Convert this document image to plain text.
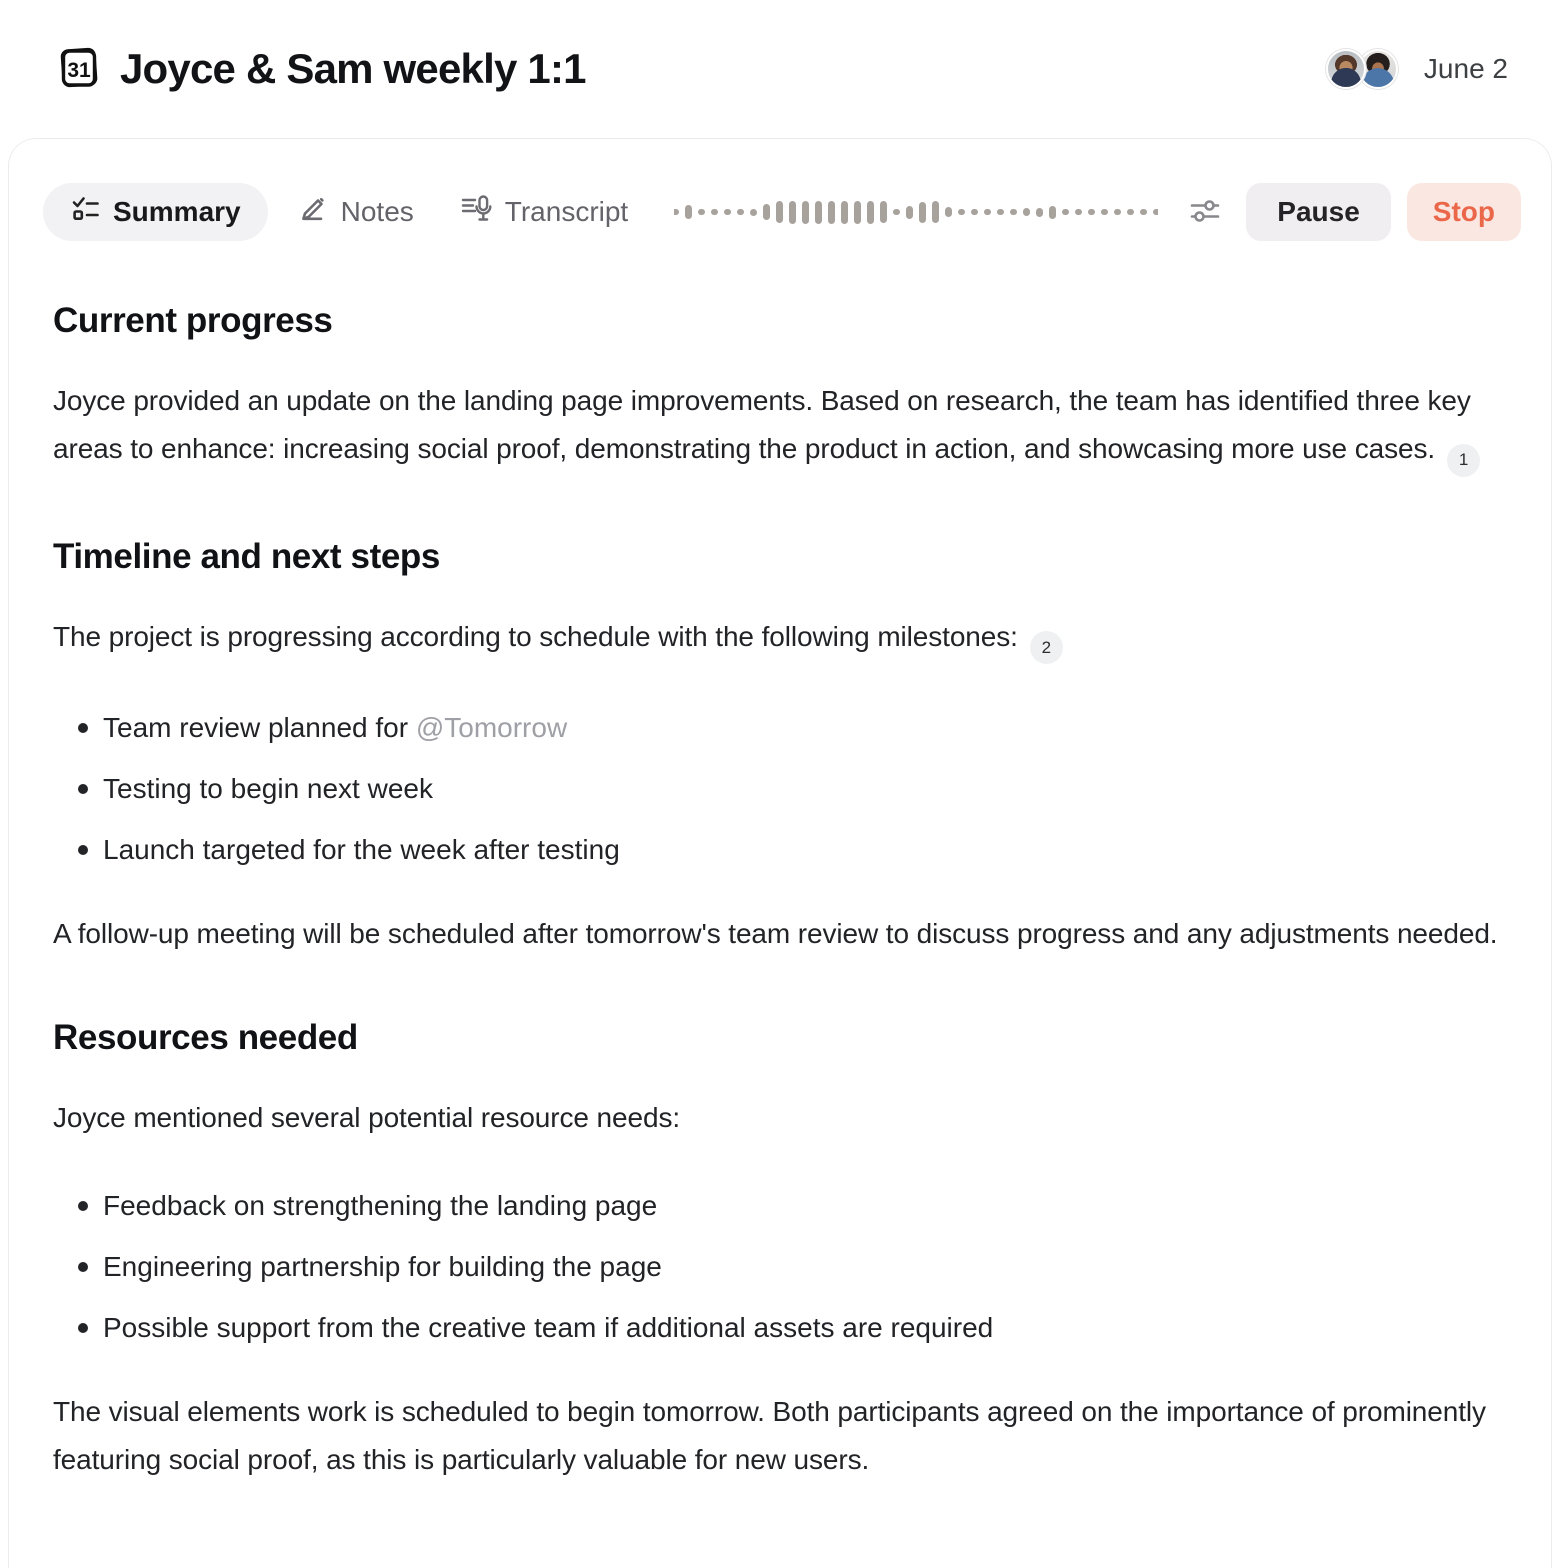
31 Joyce & Sam weekly 1:1	June 2
Summary	Notes	Transcript	Pause	Stop
Current progress

Joyce provided an update on the landing page improvements. Based on research, the team has identified three key areas to enhance: increasing social proof, demonstrating the product in action, and showcasing more use cases. 1

Timeline and next steps

The project is progressing according to schedule with the following milestones: 2

Team review planned for @Tomorrow
Testing to begin next week
Launch targeted for the week after testing

A follow-up meeting will be scheduled after tomorrow's team review to discuss progress and any adjustments needed.

Resources needed

Joyce mentioned several potential resource needs:

Feedback on strengthening the landing page
Engineering partnership for building the page
Possible support from the creative team if additional assets are required

The visual elements work is scheduled to begin tomorrow. Both participants agreed on the importance of prominently featuring social proof, as this is particularly valuable for new users.
